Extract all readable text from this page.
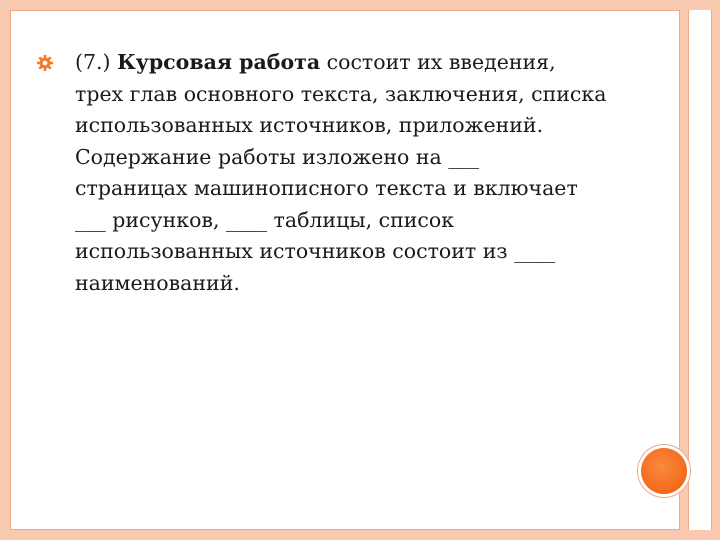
(7.) Курсовая работа состоит их введения,
трех глав основного текста, заключения, списка
использованных источников, приложений.
Содержание работы изложено на ___
страницах машинописного текста и включает
___ рисунков, ____ таблицы, список
использованных источников состоит из ____
наименований.
